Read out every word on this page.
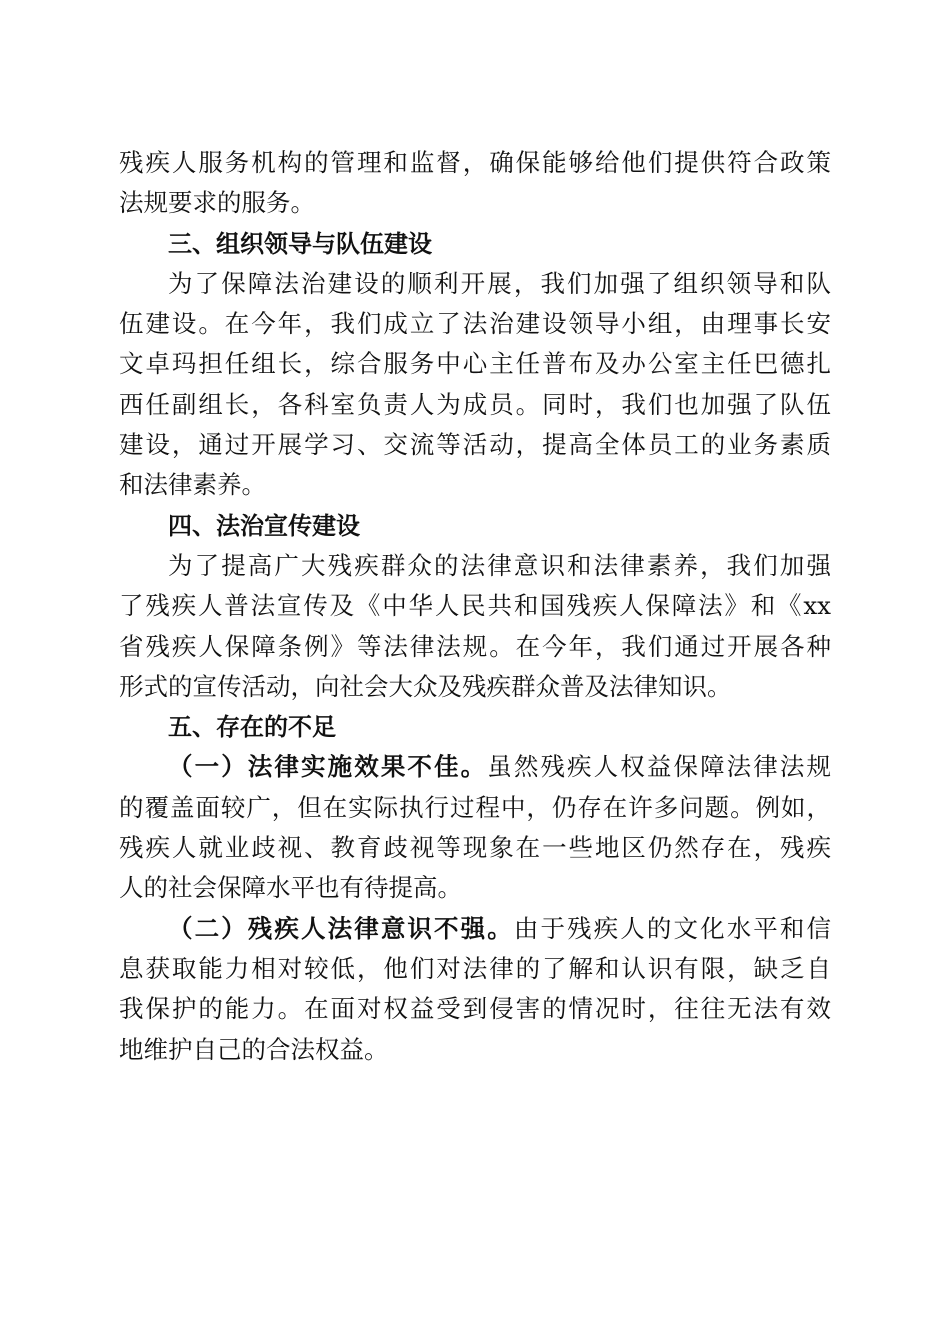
残疾人服务机构的管理和监督，确保能够给他们提供符合政策
法规要求的服务。
三、组织领导与队伍建设
为了保障法治建设的顺利开展，我们加强了组织领导和队
伍建设。在今年，我们成立了法治建设领导小组，由理事长安
文卓玛担任组长，综合服务中心主任普布及办公室主任巴德扎
西任副组长，各科室负责人为成员。同时，我们也加强了队伍
建设，通过开展学习、交流等活动，提高全体员工的业务素质
和法律素养。
四、法治宣传建设
为了提高广大残疾群众的法律意识和法律素养，我们加强
了残疾人普法宣传及《中华人民共和国残疾人保障法》和《xx
省残疾人保障条例》等法律法规。在今年，我们通过开展各种
形式的宣传活动，向社会大众及残疾群众普及法律知识。
五、存在的不足
（一）法律实施效果不佳。虽然残疾人权益保障法律法规
的覆盖面较广，但在实际执行过程中，仍存在许多问题。例如，
残疾人就业歧视、教育歧视等现象在一些地区仍然存在，残疾
人的社会保障水平也有待提高。
（二）残疾人法律意识不强。由于残疾人的文化水平和信
息获取能力相对较低，他们对法律的了解和认识有限，缺乏自
我保护的能力。在面对权益受到侵害的情况时，往往无法有效
地维护自己的合法权益。
